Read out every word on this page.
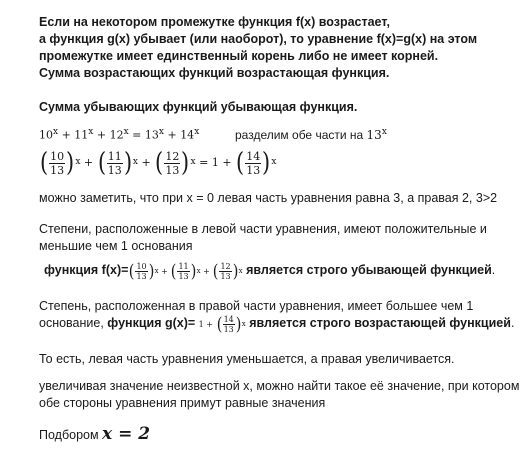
Если на некотором промежутке функция f(x) возрастает,
а функция g(x) убывает (или наоборот), то уравнение f(x)=g(x) на этом
промежутке имеет единственный корень либо не имеет корней.
Сумма возрастающих функций возрастающая функция.
Сумма убывающих функций убывающая функция.
$10^x + 11^x + 12^x = 13^x + 14^x$	разделим обе части на 13$^x$
( $\frac{10}{13}$ ) x + ( $\frac{11}{13}$ ) x + ( $\frac{12}{13}$ ) x = 1 + ( $\frac{14}{13}$ ) x
можно заметить, что при x = 0 левая часть уравнения равна 3, а правая 2, 3>2
Степени, расположенные в левой части уравнения, имеют положительные и
меньшие чем 1 основания
функция f(x)= ( $\frac{10}{13}$ ) x + ( $\frac{11}{13}$ ) x + ( $\frac{12}{13}$ ) x является строго убывающей функцией.
Степень, расположенная в правой части уравнения, имеет большее чем 1
основание, функция g(x)= 1 + ( $\frac{14}{13}$ ) x является строго возрастающей функцией.
То есть, левая часть уравнения уменьшается, а правая увеличивается.
увеличивая значение неизвестной х, можно найти такое её значение, при котором
обе стороны уравнения примут равные значения
Подбором x = 2
